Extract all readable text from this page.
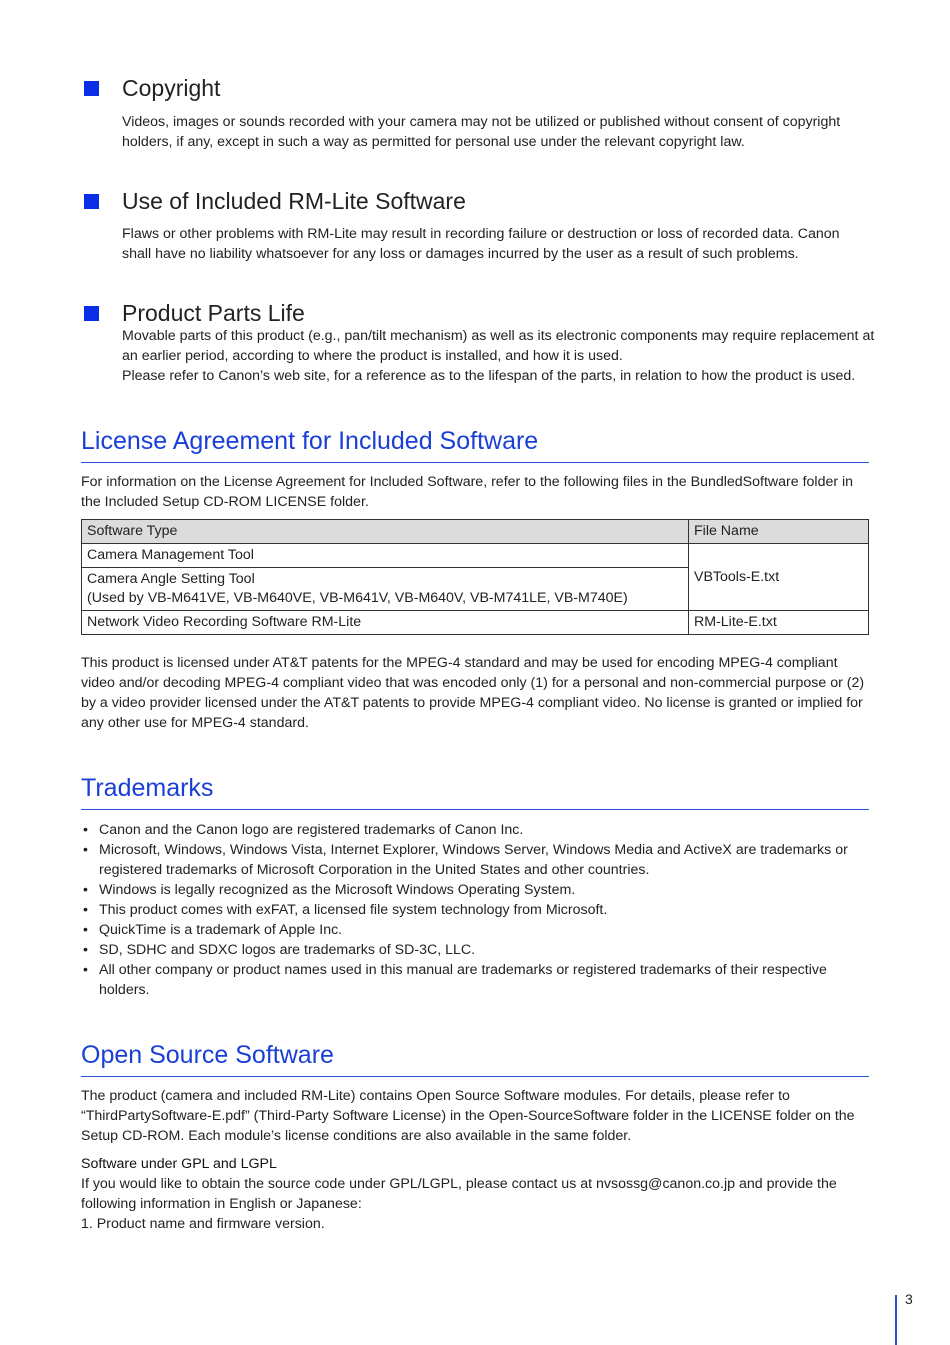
Copyright

Videos, images or sounds recorded with your camera may not be utilized or published without consent of copyright holders, if any, except in such a way as permitted for personal use under the relevant copyright law.

Use of Included RM-Lite Software

Flaws or other problems with RM-Lite may result in recording failure or destruction or loss of recorded data. Canon shall have no liability whatsoever for any loss or damages incurred by the user as a result of such problems.

Product Parts Life

Movable parts of this product (e.g., pan/tilt mechanism) as well as its electronic components may require replacement at an earlier period, according to where the product is installed, and how it is used.

Please refer to Canon’s web site, for a reference as to the lifespan of the parts, in relation to how the product is used.

License Agreement for Included Software

For information on the License Agreement for Included Software, refer to the following files in the BundledSoftware folder in the Included Setup CD-ROM LICENSE folder.

Software Type	File Name
Camera Management Tool	VBTools-E.txt

Camera Angle Setting Tool
(Used by VB-M641VE, VB-M640VE, VB-M641V, VB-M640V, VB-M741LE, VB-M740E)	

Network Video Recording Software RM-Lite	RM-Lite-E.txt

This product is licensed under AT&T patents for the MPEG-4 standard and may be used for encoding MPEG-4 compliant video and/or decoding MPEG-4 compliant video that was encoded only (1) for a personal and non-commercial purpose or (2) by a video provider licensed under the AT&T patents to provide MPEG-4 compliant video. No license is granted or implied for any other use for MPEG-4 standard.

Trademarks
• Canon and the Canon logo are registered trademarks of Canon Inc.
• Microsoft, Windows, Windows Vista, Internet Explorer, Windows Server, Windows Media and ActiveX are trademarks or registered trademarks of Microsoft Corporation in the United States and other countries.
• Windows is legally recognized as the Microsoft Windows Operating System.
• This product comes with exFAT, a licensed file system technology from Microsoft.
• QuickTime is a trademark of Apple Inc.
• SD, SDHC and SDXC logos are trademarks of SD-3C, LLC.
• All other company or product names used in this manual are trademarks or registered trademarks of their respective holders.
Open Source Software

The product (camera and included RM-Lite) contains Open Source Software modules. For details, please refer to “ThirdPartySoftware-E.pdf” (Third-Party Software License) in the Open-SourceSoftware folder in the LICENSE folder on the Setup CD-ROM. Each module’s license conditions are also available in the same folder.

Software under GPL and LGPL

If you would like to obtain the source code under GPL/LGPL, please contact us at nvsossg@canon.co.jp and provide the following information in English or Japanese:

1. Product name and firmware version.

3
